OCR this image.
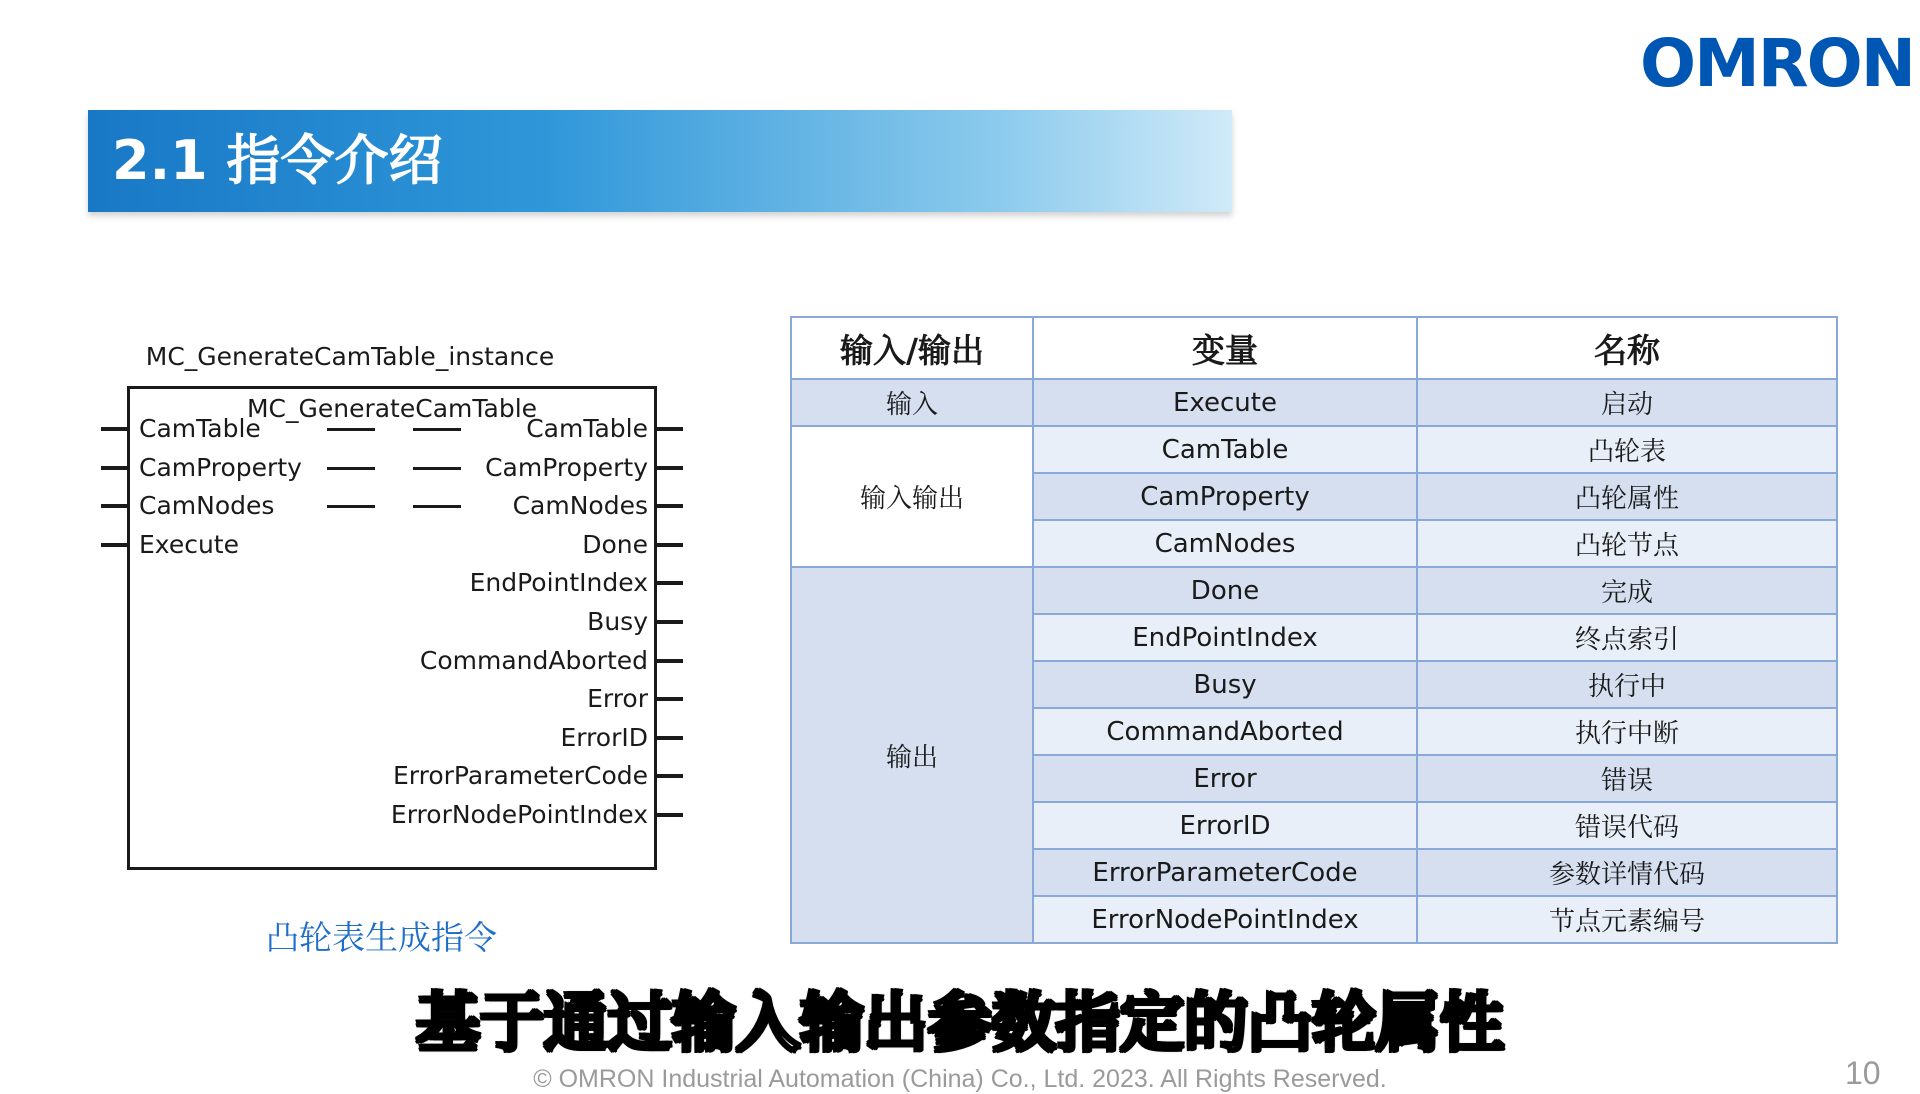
OMRON
2.1 指令介绍
MC_GenerateCamTable_instance
MC_GenerateCamTable
CamTable
CamProperty
CamNodes
Execute
CamTable
CamProperty
CamNodes
Done
EndPointIndex
Busy
CommandAborted
Error
ErrorID
ErrorParameterCode
ErrorNodePointIndex
凸轮表生成指令
输入/输出	变量	名称
输入	Execute	启动
输入输出	CamTable	凸轮表
	CamProperty	凸轮属性
	CamNodes	凸轮节点
输出	Done	完成
	EndPointIndex	终点索引
	Busy	执行中
	CommandAborted	执行中断
	Error	错误
	ErrorID	错误代码
	ErrorParameterCode	参数详情代码
	ErrorNodePointIndex	节点元素编号
基于通过输入输出参数指定的凸轮属性
© OMRON Industrial Automation (China) Co., Ltd. 2023. All Rights Reserved.	10
